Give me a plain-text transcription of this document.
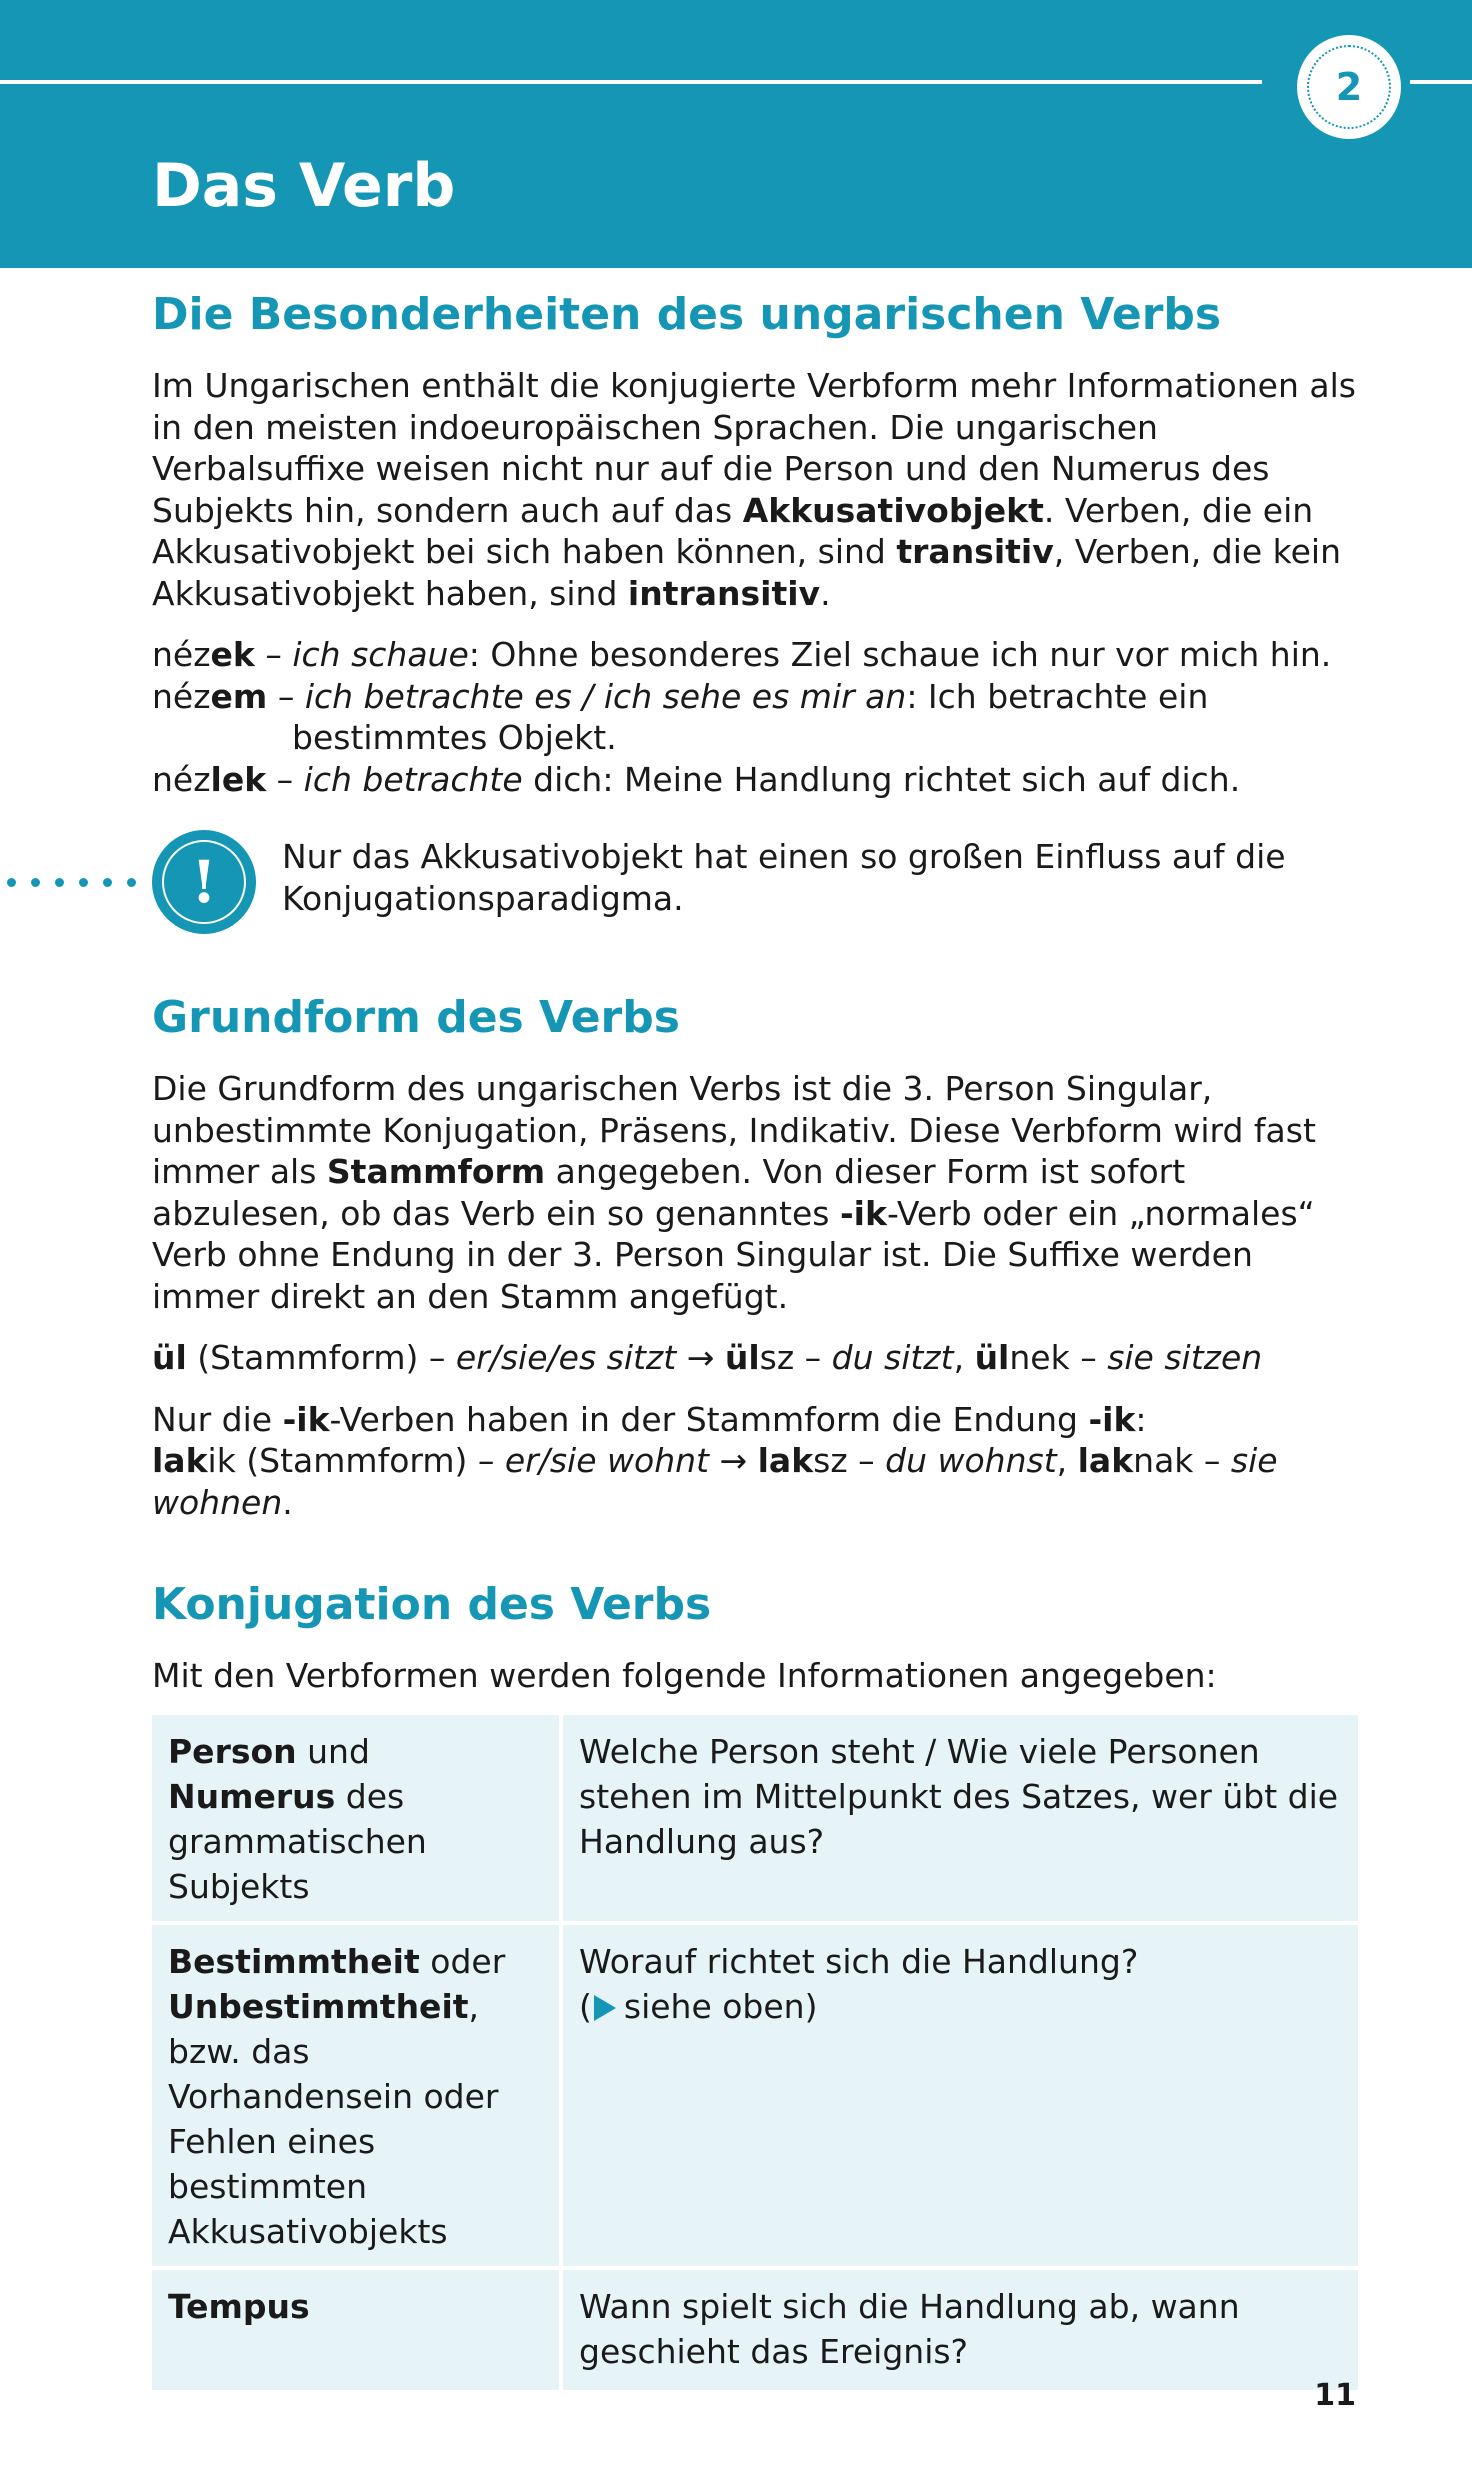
2
Das Verb
Die Besonderheiten des ungarischen Verbs

Im Ungarischen enthält die konjugierte Verbform mehr Informationen als in den meisten indoeuropäischen Sprachen. Die ungarischen Verbalsuffixe weisen nicht nur auf die Person und den Numerus des Subjekts hin, sondern auch auf das Akkusativobjekt. Verben, die ein Akkusativobjekt bei sich haben können, sind transitiv, Verben, die kein Akkusativobjekt haben, sind intransitiv.

nézek – ich schaue: Ohne besonderes Ziel schaue ich nur vor mich hin.
nézem – ich betrachte es / ich sehe es mir an: Ich betrachte ein
bestimmtes Objekt.
nézlek – ich betrachte dich: Meine Handlung richtet sich auf dich.
!	Nur das Akkusativobjekt hat einen so großen Einfluss auf die Konjugationsparadigma.
Grundform des Verbs

Die Grundform des ungarischen Verbs ist die 3. Person Singular, unbestimmte Konjugation, Präsens, Indikativ. Diese Verbform wird fast immer als Stammform angegeben. Von dieser Form ist sofort abzulesen, ob das Verb ein so genanntes -ik-Verb oder ein „normales“ Verb ohne Endung in der 3. Person Singular ist. Die Suffixe werden immer direkt an den Stamm angefügt.

ül (Stammform) – er/sie/es sitzt → ülsz – du sitzt, ülnek – sie sitzen
Nur die -ik-Verben haben in der Stammform die Endung -ik:
lakik (Stammform) – er/sie wohnt → laksz – du wohnst, laknak – sie wohnen.
Konjugation des Verbs

Mit den Verbformen werden folgende Informationen angegeben:

Person und Numerus des grammatischen Subjekts	Welche Person steht / Wie viele Personen stehen im Mittelpunkt des Satzes, wer übt die Handlung aus?
Bestimmtheit oder Unbestimmtheit, bzw. das Vorhandensein oder Fehlen eines bestimmten Akkusativobjekts	Worauf richtet sich die Handlung?
( siehe oben)

Tempus	Wann spielt sich die Handlung ab, wann geschieht das Ereignis?
11
